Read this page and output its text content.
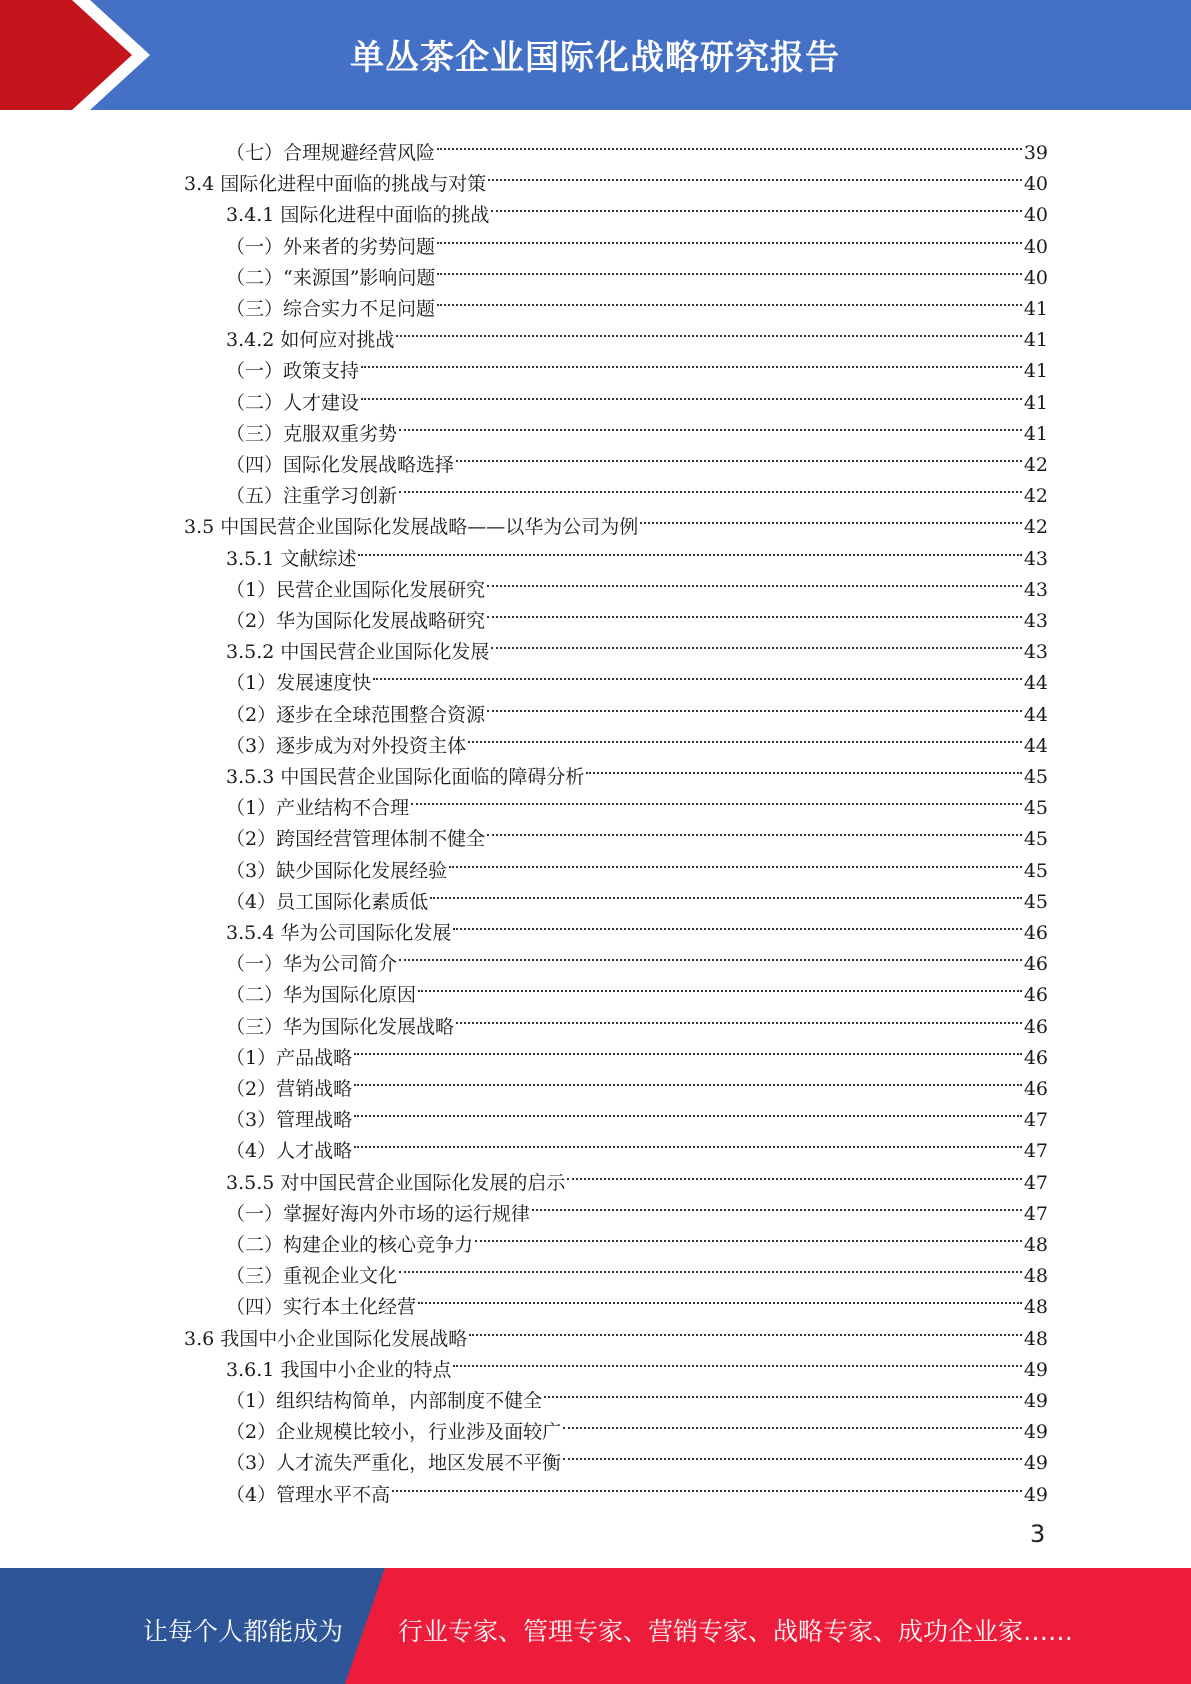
单丛茶企业国际化战略研究报告
（七）合理规避经营风险	39
3.4 国际化进程中面临的挑战与对策	40
3.4.1 国际化进程中面临的挑战	40
（一）外来者的劣势问题	40
（二）“来源国”影响问题	40
（三）综合实力不足问题	41
3.4.2 如何应对挑战	41
（一）政策支持	41
（二）人才建设	41
（三）克服双重劣势	41
（四）国际化发展战略选择	42
（五）注重学习创新	42
3.5 中国民营企业国际化发展战略——以华为公司为例	42
3.5.1 文献综述	43
（1）民营企业国际化发展研究	43
（2）华为国际化发展战略研究	43
3.5.2 中国民营企业国际化发展	43
（1）发展速度快	44
（2）逐步在全球范围整合资源	44
（3）逐步成为对外投资主体	44
3.5.3 中国民营企业国际化面临的障碍分析	45
（1）产业结构不合理	45
（2）跨国经营管理体制不健全	45
（3）缺少国际化发展经验	45
（4）员工国际化素质低	45
3.5.4 华为公司国际化发展	46
（一）华为公司简介	46
（二）华为国际化原因	46
（三）华为国际化发展战略	46
（1）产品战略	46
（2）营销战略	46
（3）管理战略	47
（4）人才战略	47
3.5.5 对中国民营企业国际化发展的启示	47
（一）掌握好海内外市场的运行规律	47
（二）构建企业的核心竞争力	48
（三）重视企业文化	48
（四）实行本土化经营	48
3.6 我国中小企业国际化发展战略	48
3.6.1 我国中小企业的特点	49
（1）组织结构简单，内部制度不健全	49
（2）企业规模比较小，行业涉及面较广	49
（3）人才流失严重化，地区发展不平衡	49
（4）管理水平不高	49
3
让每个人都能成为 行业专家、管理专家、营销专家、战略专家、成功企业家……
